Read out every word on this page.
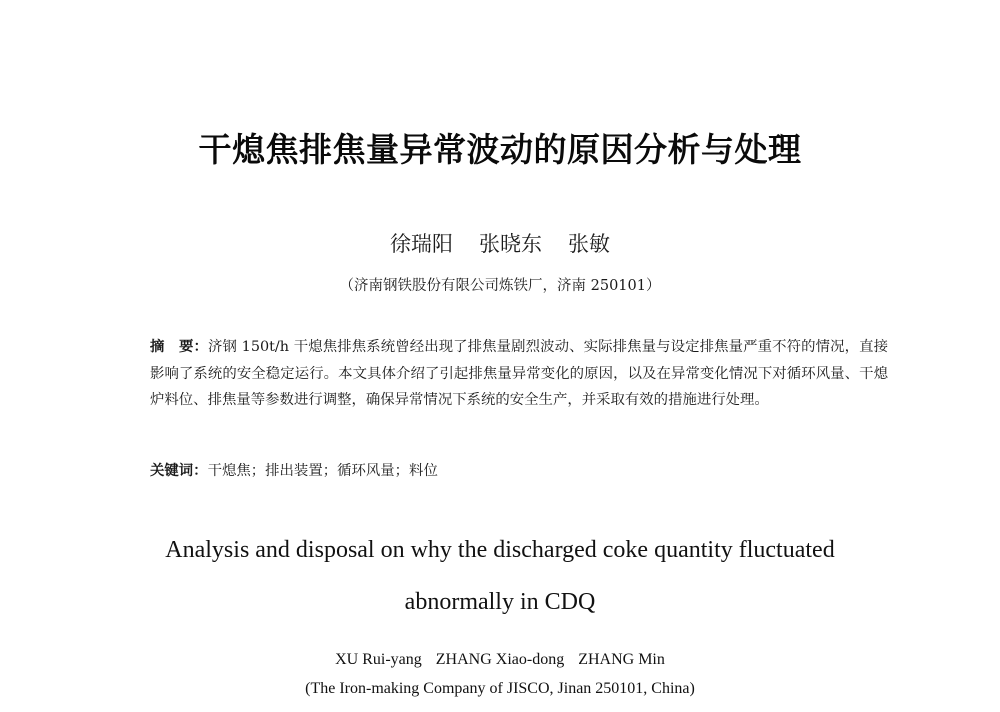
干熄焦排焦量异常波动的原因分析与处理
徐瑞阳 张晓东 张敏
（济南钢铁股份有限公司炼铁厂，济南 250101）
摘　要：济钢 150t/h 干熄焦排焦系统曾经出现了排焦量剧烈波动、实际排焦量与设定排焦量严重不符的情况，直接影响了系统的安全稳定运行。本文具体介绍了引起排焦量异常变化的原因，以及在异常变化情况下对循环风量、干熄炉料位、排焦量等参数进行调整，确保异常情况下系统的安全生产，并采取有效的措施进行处理。
关键词：干熄焦；排出装置；循环风量；料位
Analysis and disposal on why the discharged coke quantity fluctuated
abnormally in CDQ
XU Rui-yang ZHANG Xiao-dong ZHANG Min
(The Iron-making Company of JISCO, Jinan 250101, China)
